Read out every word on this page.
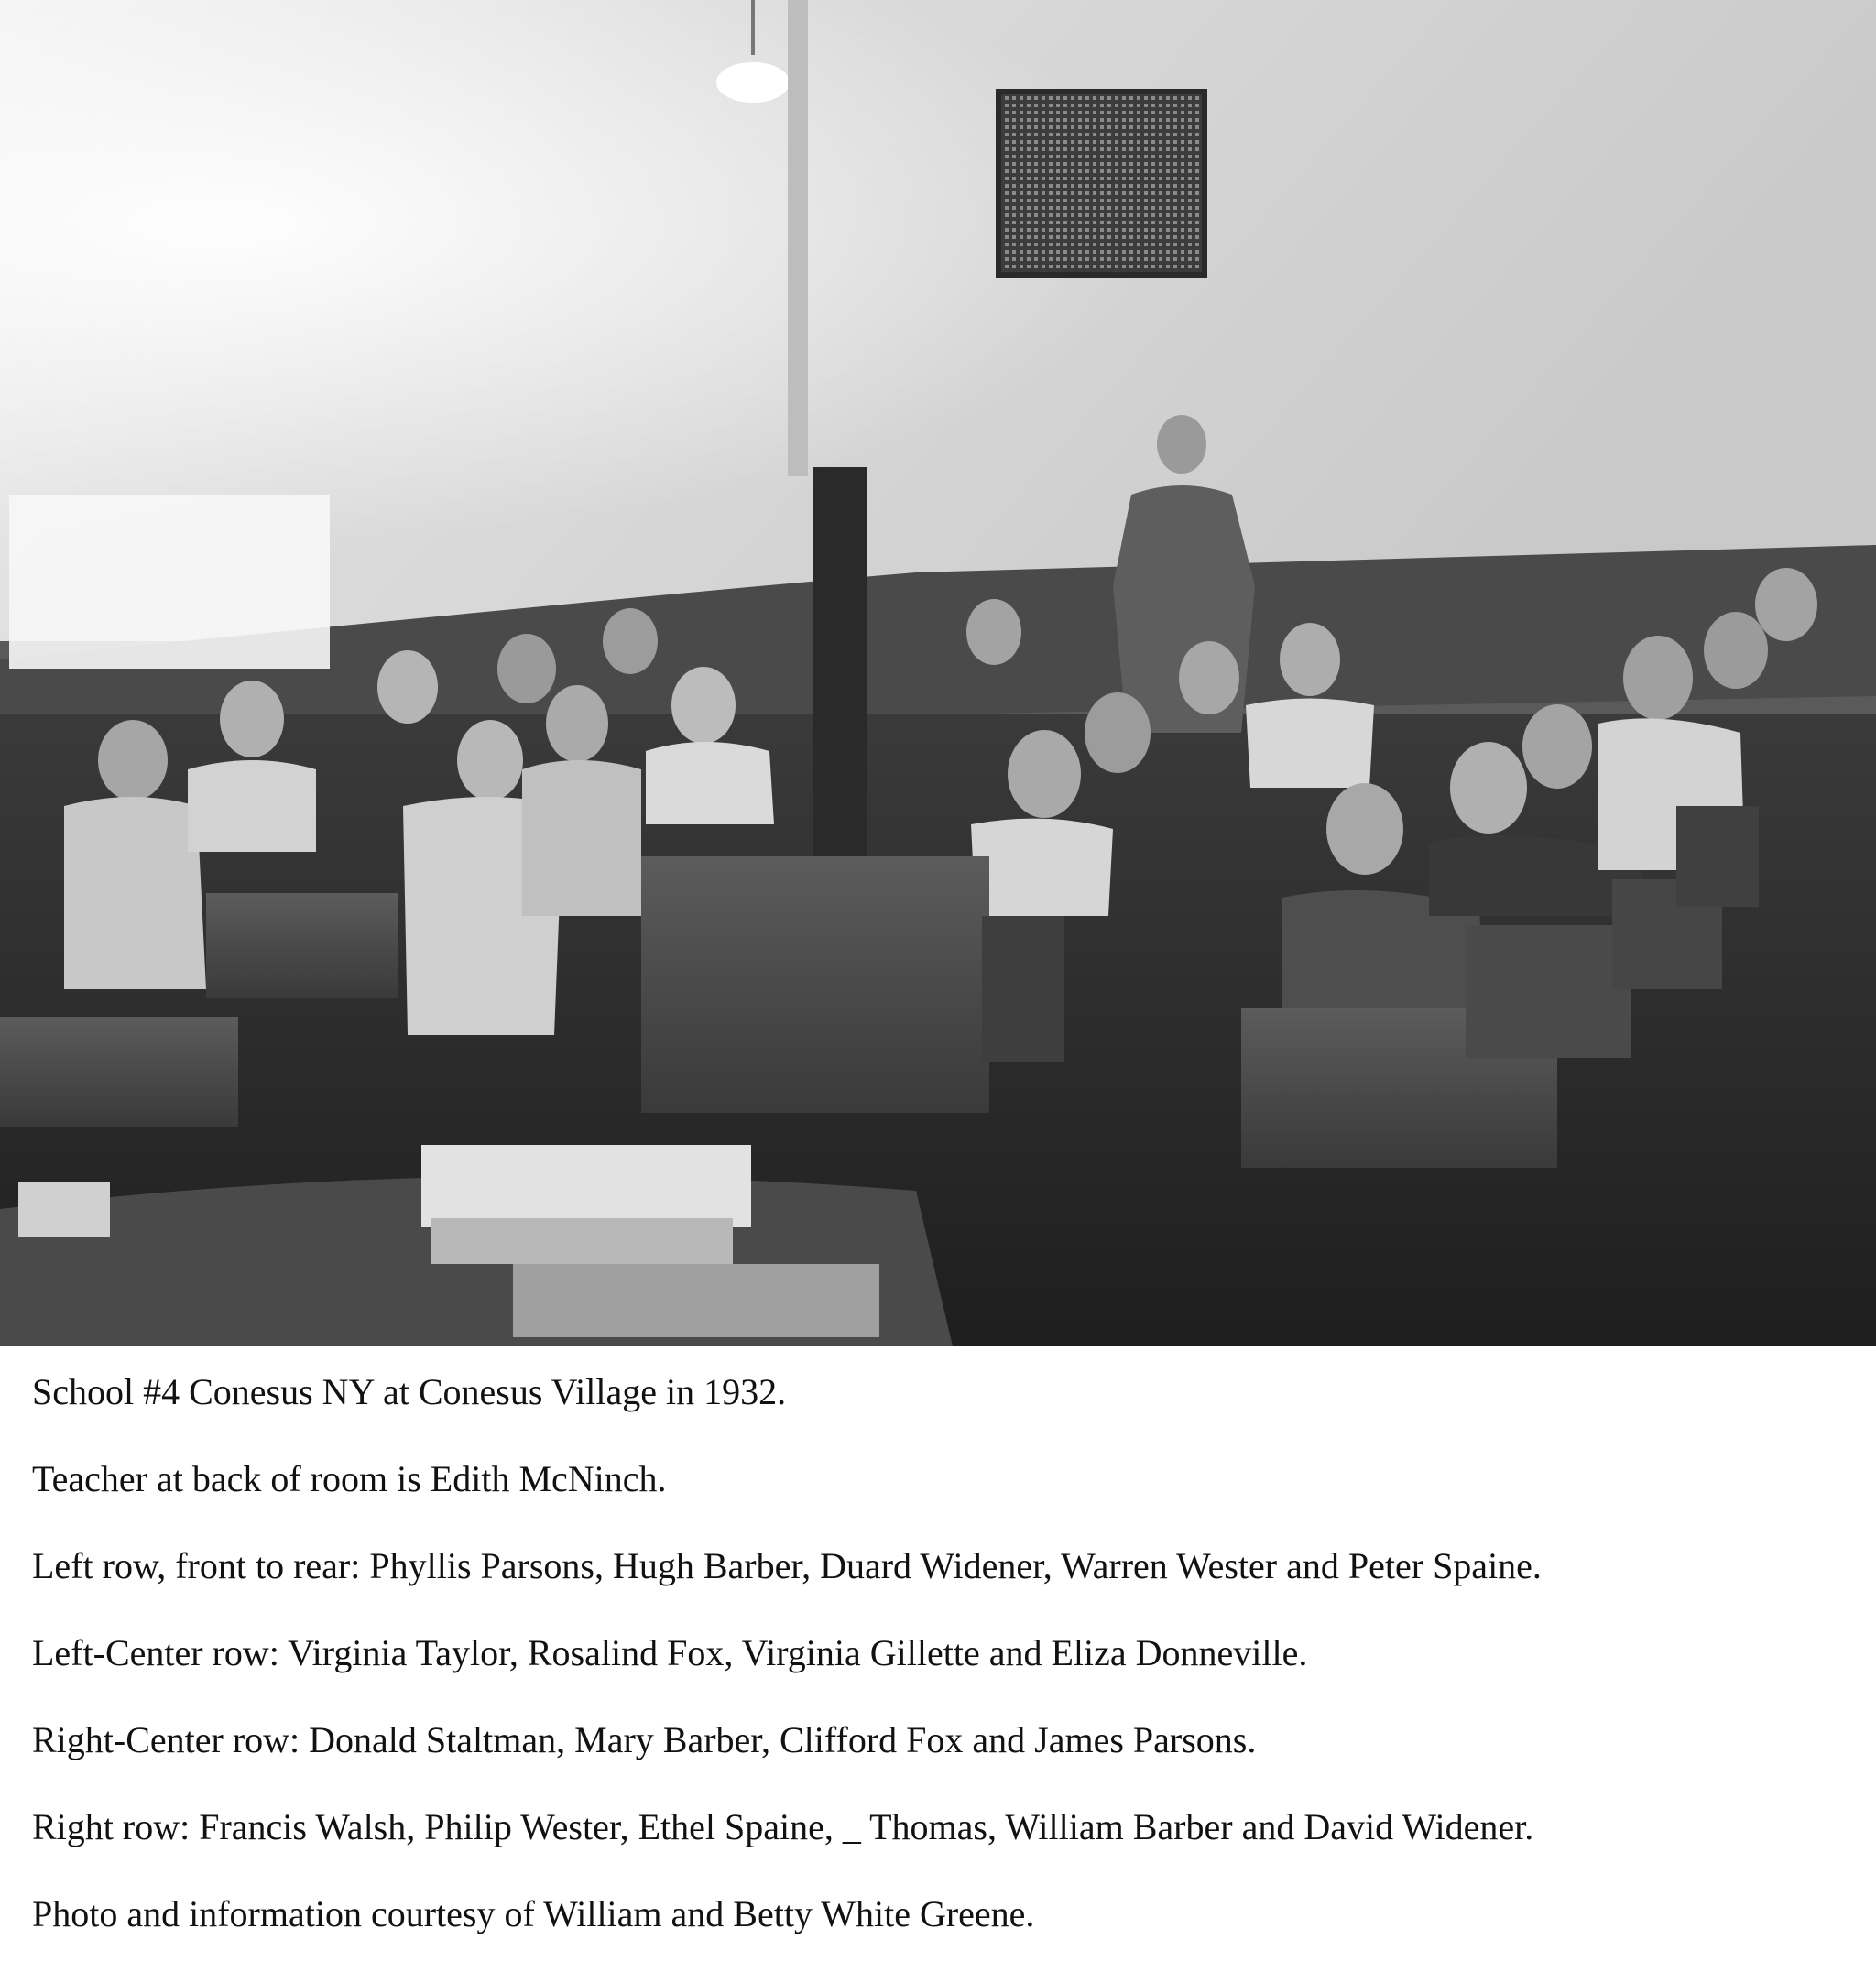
School #4 Conesus NY at Conesus Village in 1932.
Teacher at back of room is Edith McNinch.
Left row, front to rear: Phyllis Parsons, Hugh Barber, Duard Widener, Warren Wester and Peter Spaine.
Left-Center row: Virginia Taylor, Rosalind Fox, Virginia Gillette and Eliza Donneville.
Right-Center row: Donald Staltman, Mary Barber, Clifford Fox and James Parsons.
Right row: Francis Walsh, Philip Wester, Ethel Spaine, _ Thomas, William Barber and David Widener.
Photo and information courtesy of William and Betty White Greene.
